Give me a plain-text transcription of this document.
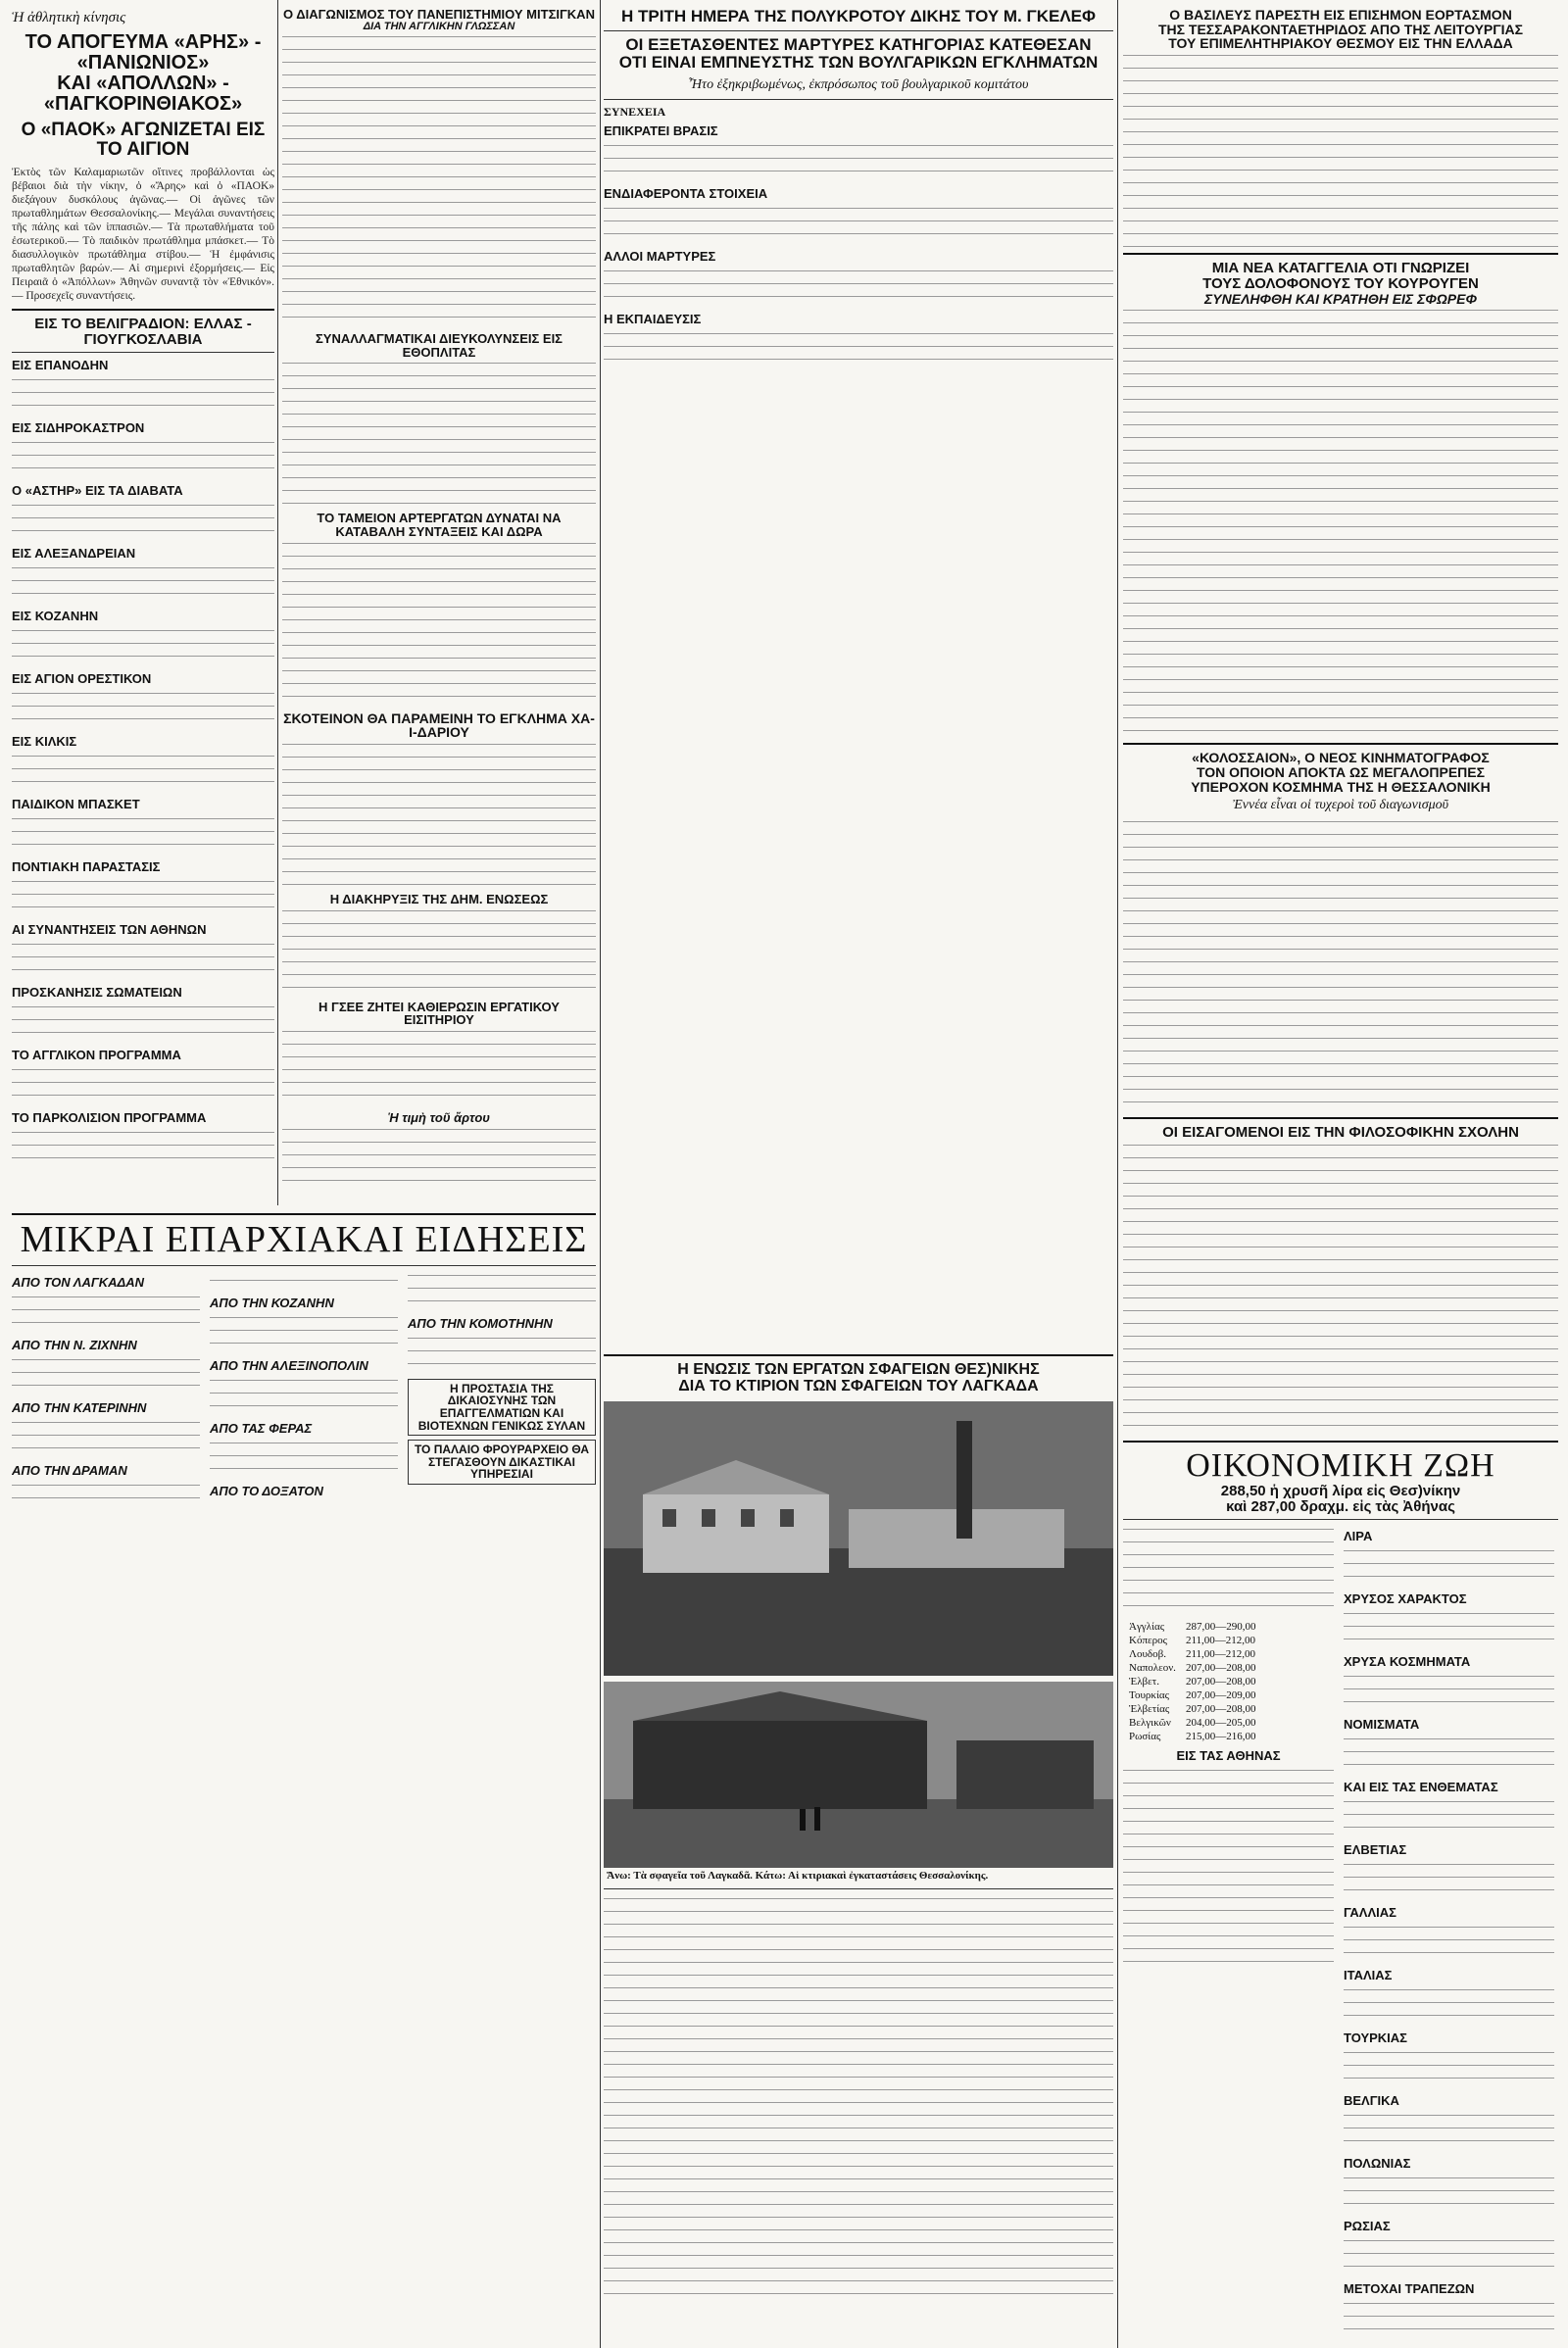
Ἡ ἀθλητικὴ κίνησις
ΤΟ ΑΠΟΓΕΥΜΑ «ΑΡΗΣ» - «ΠΑΝΙΩΝΙΟΣ»
ΚΑΙ «ΑΠΟΛΛΩΝ» - «ΠΑΓΚΟΡΙΝΘΙΑΚΟΣ»
Ο «ΠΑΟΚ» ΑΓΩΝΙΖΕΤΑΙ ΕΙΣ ΤΟ ΑΙΓΙΟΝ

Ἐκτὸς τῶν Καλαμαριωτῶν οἵτινες προβάλλονται ὡς βέβαιοι διὰ τὴν νίκην, ὁ «Ἄρης» καὶ ὁ «ΠΑΟΚ» διεξάγουν δυσκόλους ἀγῶνας.— Οἱ ἀγῶνες τῶν πρωταθλημάτων Θεσσαλονίκης.— Μεγάλαι συναντήσεις τῆς πάλης καὶ τῶν ἱππασιῶν.— Τὰ πρωταθλήματα τοῦ ἐσωτερικοῦ.— Τὸ παιδικὸν πρωτάθλημα μπάσκετ.— Τὸ διασυλλογικὸν πρωτάθλημα στίβου.— Ἡ ἐμφάνισις πρωταθλητῶν βαρών.— Αἱ σημερινὶ ἐξορμήσεις.— Εἰς Πειραιᾶ ὁ «Ἀπόλλων» Ἀθηνῶν συναντᾷ τὸν «Ἐθνικόν».— Προσεχεῖς συναντήσεις.

ΕΙΣ ΤΟ ΒΕΛΙΓΡΑΔΙΟΝ: ΕΛΛΑΣ - ΓΙΟΥΓΚΟΣΛΑΒΙΑ
ΕΙΣ ΕΠΑΝΟΔΗΝ
ΕΙΣ ΣΙΔΗΡΟΚΑΣΤΡΟΝ
Ο «ΑΣΤΗΡ» ΕΙΣ ΤΑ ΔΙΑΒΑΤΑ
ΕΙΣ ΑΛΕΞΑΝΔΡΕΙΑΝ
ΕΙΣ ΚΟΖΑΝΗΝ
ΕΙΣ ΑΓΙΟΝ ΟΡΕΣΤΙΚΟΝ
ΕΙΣ ΚΙΛΚΙΣ
ΠΑΙΔΙΚΟΝ ΜΠΑΣΚΕΤ
ΠΟΝΤΙΑΚΗ ΠΑΡΑΣΤΑΣΙΣ
ΑΙ ΣΥΝΑΝΤΗΣΕΙΣ ΤΩΝ ΑΘΗΝΩΝ
ΠΡΟΣΚΑΝΗΣΙΣ ΣΩΜΑΤΕΙΩΝ
ΤΟ ΑΓΓΛΙΚΟΝ ΠΡΟΓΡΑΜΜΑ
ΤΟ ΠΑΡΚΟΛΙΣΙΟΝ ΠΡΟΓΡΑΜΜΑ
Ο ΔΙΑΓΩΝΙΣΜΟΣ ΤΟΥ ΠΑΝΕΠΙΣΤΗΜΙΟΥ ΜΙΤΣΙΓΚΑΝ
ΔΙΑ ΤΗΝ ΑΓΓΛΙΚΗΝ ΓΛΩΣΣΑΝ

ΣΥΝΑΛΛΑΓΜΑΤΙΚΑΙ ΔΙΕΥΚΟΛΥΝΣΕΙΣ ΕΙΣ ΕΘΟΠΛΙΤΑΣ

ΤΟ ΤΑΜΕΙΟΝ ΑΡΤΕΡΓΑΤΩΝ ΔΥΝΑΤΑΙ ΝΑ ΚΑΤΑΒΑΛΗ ΣΥΝΤΑΞΕΙΣ ΚΑΙ ΔΩΡΑ

ΣΚΟΤΕΙΝΟΝ ΘΑ ΠΑΡΑΜΕΙΝΗ ΤΟ ΕΓΚΛΗΜΑ ΧΑ-Ι-ΔΑΡΙΟΥ

Η ΔΙΑΚΗΡΥΞΙΣ ΤΗΣ ΔΗΜ. ΕΝΩΣΕΩΣ

Η ΓΣΕΕ ΖΗΤΕΙ ΚΑΘΙΕΡΩΣΙΝ ΕΡΓΑΤΙΚΟΥ ΕΙΣΙΤΗΡΙΟΥ

Ἡ τιμὴ τοῦ ἄρτου

Η ΤΡΙΤΗ ΗΜΕΡΑ ΤΗΣ ΠΟΛΥΚΡΟΤΟΥ ΔΙΚΗΣ ΤΟΥ Μ. ΓΚΕΛΕΦ
ΟΙ ΕΞΕΤΑΣΘΕΝΤΕΣ ΜΑΡΤΥΡΕΣ ΚΑΤΗΓΟΡΙΑΣ ΚΑΤΕΘΕΣΑΝ
ΟΤΙ ΕΙΝΑΙ ΕΜΠΝΕΥΣΤΗΣ ΤΩΝ ΒΟΥΛΓΑΡΙΚΩΝ ΕΓΚΛΗΜΑΤΩΝ
Ἦτο ἐξηκριβωμένως, ἐκπρόσωπος τοῦ βουλγαρικοῦ κομιτάτου
ΣΥΝΕΧΕΙΑ
ΕΠΙΚΡΑΤΕΙ ΒΡΑΣΙΣ
ΕΝΔΙΑΦΕΡΟΝΤΑ ΣΤΟΙΧΕΙΑ
ΑΛΛΟΙ ΜΑΡΤΥΡΕΣ
Η ΕΚΠΑΙΔΕΥΣΙΣ
Ο ΒΑΣΙΛΕΥΣ ΠΑΡΕΣΤΗ ΕΙΣ ΕΠΙΣΗΜΟΝ ΕΟΡΤΑΣΜΟΝ
ΤΗΣ ΤΕΣΣΑΡΑΚΟΝΤΑΕΤΗΡΙΔΟΣ ΑΠΟ ΤΗΣ ΛΕΙΤΟΥΡΓΙΑΣ
ΤΟΥ ΕΠΙΜΕΛΗΤΗΡΙΑΚΟΥ ΘΕΣΜΟΥ ΕΙΣ ΤΗΝ ΕΛΛΑΔΑ

ΜΙΑ ΝΕΑ ΚΑΤΑΓΓΕΛΙΑ ΟΤΙ ΓΝΩΡΙΖΕΙ
ΤΟΥΣ ΔΟΛΟΦΟΝΟΥΣ ΤΟΥ ΚΟΥΡΟΥΓΕΝ
ΣΥΝΕΛΗΦΘΗ ΚΑΙ ΚΡΑΤΗΘΗ ΕΙΣ ΣΦΩΡΕΦ

«ΚΟΛΟΣΣΑΙΟΝ», Ο ΝΕΟΣ ΚΙΝΗΜΑΤΟΓΡΑΦΟΣ
ΤΟΝ ΟΠΟΙΟΝ ΑΠΟΚΤΑ ΩΣ ΜΕΓΑΛΟΠΡΕΠΕΣ
ΥΠΕΡΟΧΟΝ ΚΟΣΜΗΜΑ ΤΗΣ Η ΘΕΣΣΑΛΟΝΙΚΗ
Ἐννέα εἶναι οἱ τυχεροὶ τοῦ διαγωνισμοῦ

ΟΙ ΕΙΣΑΓΟΜΕΝΟΙ ΕΙΣ ΤΗΝ ΦΙΛΟΣΟΦΙΚΗΝ ΣΧΟΛΗΝ

ΟΙΚΟΝΟΜΙΚΗ ΖΩΗ
288,50 ἡ χρυσῆ λίρα εἰς Θεσ)νίκην
καὶ 287,00 δραχμ. εἰς τὰς Ἀθήνας

Ἀγγλίας	287,00—290,00
Κόπερος	211,00—212,00
Λουδοβ.	211,00—212,00
Ναπολεον.	207,00—208,00
Ἑλβετ.	207,00—208,00
Τουρκίας	207,00—209,00
Ἑλβετίας	207,00—208,00
Βελγικῶν	204,00—205,00
Ρωσίας	215,00—216,00
ΕΙΣ ΤΑΣ ΑΘΗΝΑΣ

ΛΙΡΑ
ΧΡΥΣΟΣ ΧΑΡΑΚΤΟΣ
ΧΡΥΣΑ ΚΟΣΜΗΜΑΤΑ
ΝΟΜΙΣΜΑΤΑ
ΚΑΙ ΕΙΣ ΤΑΣ ΕΝΘΕΜΑΤΑΣ
ΕΛΒΕΤΙΑΣ
ΓΑΛΛΙΑΣ
ΙΤΑΛΙΑΣ
ΤΟΥΡΚΙΑΣ
ΒΕΛΓΙΚΑ
ΠΟΛΩΝΙΑΣ
ΡΩΣΙΑΣ
ΜΕΤΟΧΑΙ ΤΡΑΠΕΖΩΝ
ΜΙΚΡΑΙ ΕΠΑΡΧΙΑΚΑΙ ΕΙΔΗΣΕΙΣ
ΑΠΟ ΤΟΝ ΛΑΓΚΑΔΑΝ
ΑΠΟ ΤΗΝ Ν. ΖΙΧΝΗΝ
ΑΠΟ ΤΗΝ ΚΑΤΕΡΙΝΗΝ
ΑΠΟ ΤΗΝ ΔΡΑΜΑΝ
ΑΠΟ ΤΗΝ ΚΟΖΑΝΗΝ
ΑΠΟ ΤΗΝ ΑΛΕΞΙΝΟΠΟΛΙΝ
ΑΠΟ ΤΑΣ ΦΕΡΑΣ
ΑΠΟ ΤΟ ΔΟΞΑΤΟΝ
ΑΠΟ ΤΗΝ ΚΟΜΟΤΗΝΗΝ
Η ΠΡΟΣΤΑΣΙΑ ΤΗΣ ΔΙΚΑΙΟΣΥΝΗΣ ΤΩΝ ΕΠΑΓΓΕΛΜΑΤΙΩΝ ΚΑΙ ΒΙΟΤΕΧΝΩΝ ΓΕΝΙΚΩΣ ΣΥΛΑΝ
ΤΟ ΠΑΛΑΙΟ ΦΡΟΥΡΑΡΧΕΙΟ ΘΑ ΣΤΕΓΑΣΘΟΥΝ ΔΙΚΑΣΤΙΚΑΙ ΥΠΗΡΕΣΙΑΙ
Η ΕΝΩΣΙΣ ΤΩΝ ΕΡΓΑΤΩΝ ΣΦΑΓΕΙΩΝ ΘΕΣ)ΝΙΚΗΣ
ΔΙΑ ΤΟ ΚΤΙΡΙΟΝ ΤΩΝ ΣΦΑΓΕΙΩΝ ΤΟΥ ΛΑΓΚΑΔΑ
Ἄνω: Τὰ σφαγεῖα τοῦ Λαγκαδᾶ. Κάτω: Αἱ κτιριακαὶ ἐγκαταστάσεις Θεσσαλονίκης.
